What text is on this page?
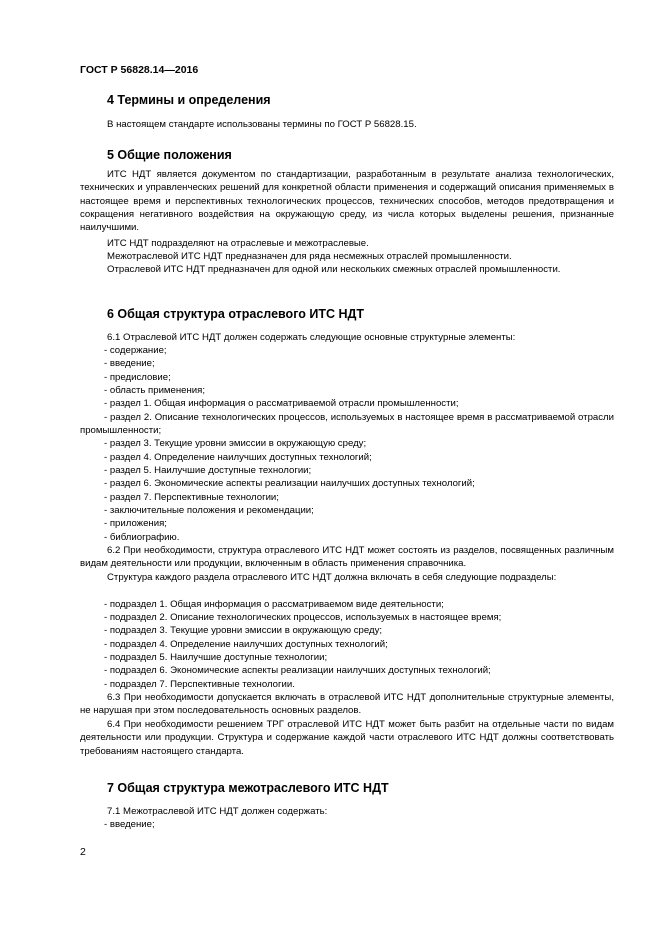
ГОСТ Р 56828.14—2016
4 Термины и определения

В настоящем стандарте использованы термины по ГОСТ Р 56828.15.

5 Общие положения

ИТС НДТ является документом по стандартизации, разработанным в результате анализа технологических, технических и управленческих решений для конкретной области применения и содержащий описания применяемых в настоящее время и перспективных технологических процессов, технических способов, методов предотвращения и сокращения негативного воздействия на окружающую среду, из числа которых выделены решения, признанные наилучшими.

ИТС НДТ подразделяют на отраслевые и межотраслевые.

Межотраслевой ИТС НДТ предназначен для ряда несмежных отраслей промышленности.

Отраслевой ИТС НДТ предназначен для одной или нескольких смежных отраслей промышленности.

6 Общая структура отраслевого ИТС НДТ

6.1 Отраслевой ИТС НДТ должен содержать следующие основные структурные элементы:

- содержание;
- введение;
- предисловие;
- область применения;
- раздел 1. Общая информация о рассматриваемой отрасли промышленности;
- раздел 2. Описание технологических процессов, используемых в настоящее время в рассматриваемой отрасли промышленности;
- раздел 3. Текущие уровни эмиссии в окружающую среду;
- раздел 4. Определение наилучших доступных технологий;
- раздел 5. Наилучшие доступные технологии;
- раздел 6. Экономические аспекты реализации наилучших доступных технологий;
- раздел 7. Перспективные технологии;
- заключительные положения и рекомендации;
- приложения;
- библиографию.

6.2 При необходимости, структура отраслевого ИТС НДТ может состоять из разделов, посвященных различным видам деятельности или продукции, включенным в область применения справочника.

Структура каждого раздела отраслевого ИТС НДТ должна включать в себя следующие подразделы:

- подраздел 1. Общая информация о рассматриваемом виде деятельности;
- подраздел 2. Описание технологических процессов, используемых в настоящее время;
- подраздел 3. Текущие уровни эмиссии в окружающую среду;
- подраздел 4. Определение наилучших доступных технологий;
- подраздел 5. Наилучшие доступные технологии;
- подраздел 6. Экономические аспекты реализации наилучших доступных технологий;
- подраздел 7. Перспективные технологии.

6.3 При необходимости допускается включать в отраслевой ИТС НДТ дополнительные структурные элементы, не нарушая при этом последовательность основных разделов.

6.4 При необходимости решением ТРГ отраслевой ИТС НДТ может быть разбит на отдельные части по видам деятельности или продукции. Структура и содержание каждой части отраслевого ИТС НДТ должны соответствовать требованиям настоящего стандарта.

7 Общая структура межотраслевого ИТС НДТ

7.1 Межотраслевой ИТС НДТ должен содержать:

- введение;
2
